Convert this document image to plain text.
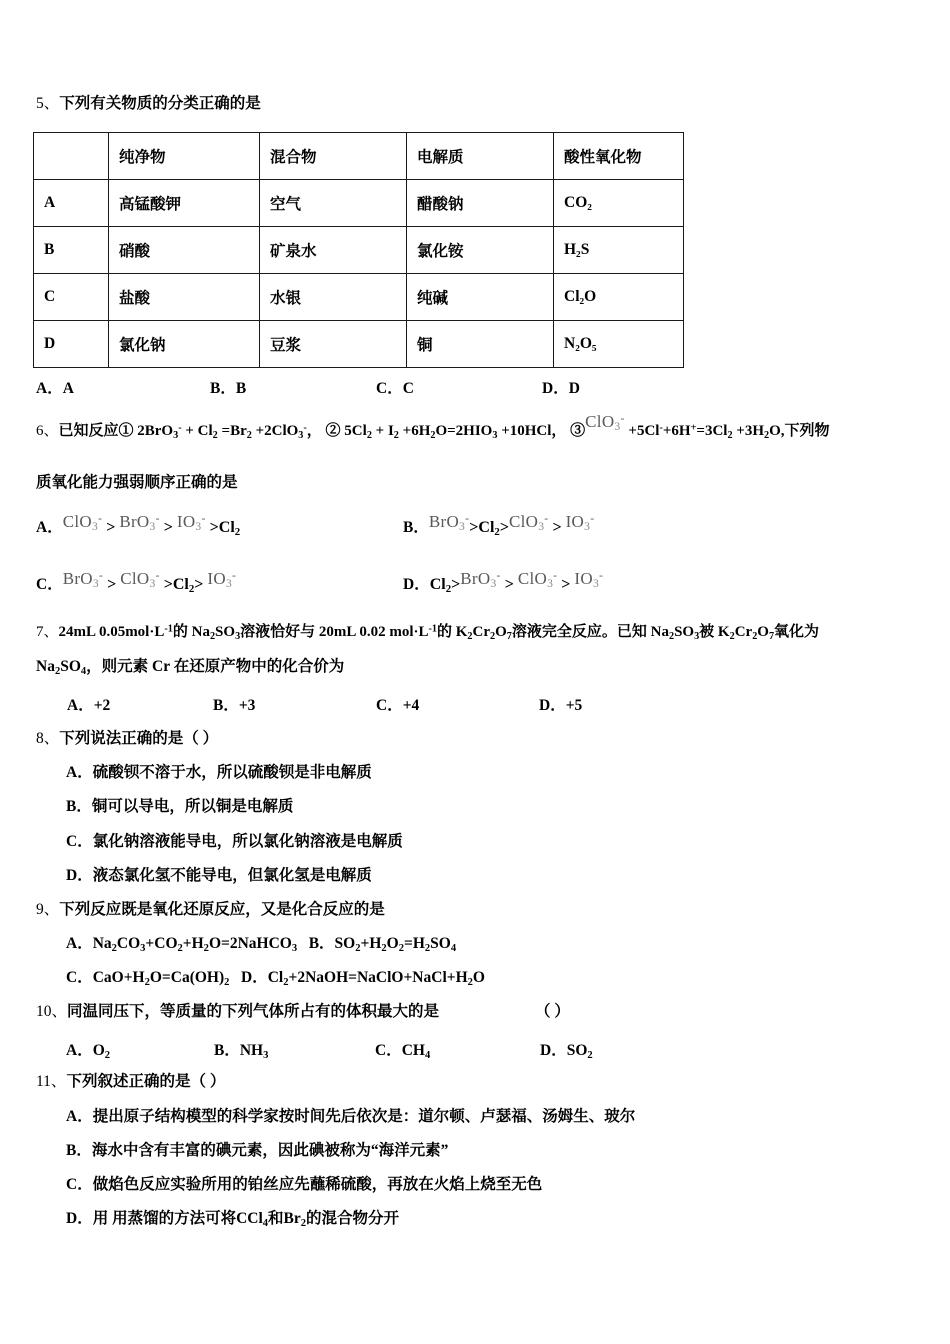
5、下列有关物质的分类正确的是
	纯净物	混合物	电解质	酸性氧化物
A	高锰酸钾	空气	醋酸钠	CO₂
B	硝酸	矿泉水	氯化铵	H₂S
C	盐酸	水银	纯碱	Cl₂O
D	氯化钠	豆浆	铜	N₂O₅
A．A	B．B	C．C	D．D
6、已知反应① $2BrO_3^- + Cl_2 =Br_2 +2ClO_3^-$， ② $5Cl_2 + I_2 +6H_2O=2HIO_3 +10HCl$， ③ClO$_3$- $+5Cl^-+6H^+=3Cl_2 +3H_2O$,下列物
质氧化能力强弱顺序正确的是
A．$ClO_3^- > BrO_3^- > IO_3^- >Cl_2$	B．$BrO_3^->Cl_2>ClO_3^- > IO_3^-$
C．$BrO_3^- > ClO_3^- >Cl_2> IO_3^-$
D．$Cl_2>BrO_3^- > ClO_3^- > IO_3^-$
7、24mL $0.05mol\cdot L^{-1}$的 $Na_2SO_3$溶液恰好与 20mL 0.02 $mol\cdot L^{-1}$的 $K_2Cr_2O_7$溶液完全反应。已知 $Na_2SO_3$被 $K_2Cr_2O_7$氧化为
$Na_2SO_4$，则元素 Cr 在还原产物中的化合价为
A．+2	B．+3	C．+4	D．+5
8、下列说法正确的是（ ）
A．硫酸钡不溶于水，所以硫酸钡是非电解质
B．铜可以导电，所以铜是电解质
C．氯化钠溶液能导电，所以氯化钠溶液是电解质
D．液态氯化氢不能导电，但氯化氢是电解质
9、下列反应既是氧化还原反应，又是化合反应的是
A．$Na_2CO_3+CO_2+H_2O=2NaHCO_3$ B．$SO_2+H_2O_2=H_2SO_4$
C．$CaO+H_2O=Ca(OH)_2$ D．$Cl_2+2NaOH=NaClO+NaCl+H_2O$
10、同温同压下，等质量的下列气体所占有的体积最大的是	（ ）
A．$O_2$	B．$NH_3$	C．$CH_4$	D．$SO_2$
11、下列叙述正确的是（ ）
A．提出原子结构模型的科学家按时间先后依次是：道尔顿、卢瑟福、汤姆生、玻尔
B．海水中含有丰富的碘元素，因此碘被称为“海洋元素”
C．做焰色反应实验所用的铂丝应先蘸稀硫酸，再放在火焰上烧至无色
D．用 用蒸馏的方法可将CCl$_4$和$Br_2$的混合物分开
